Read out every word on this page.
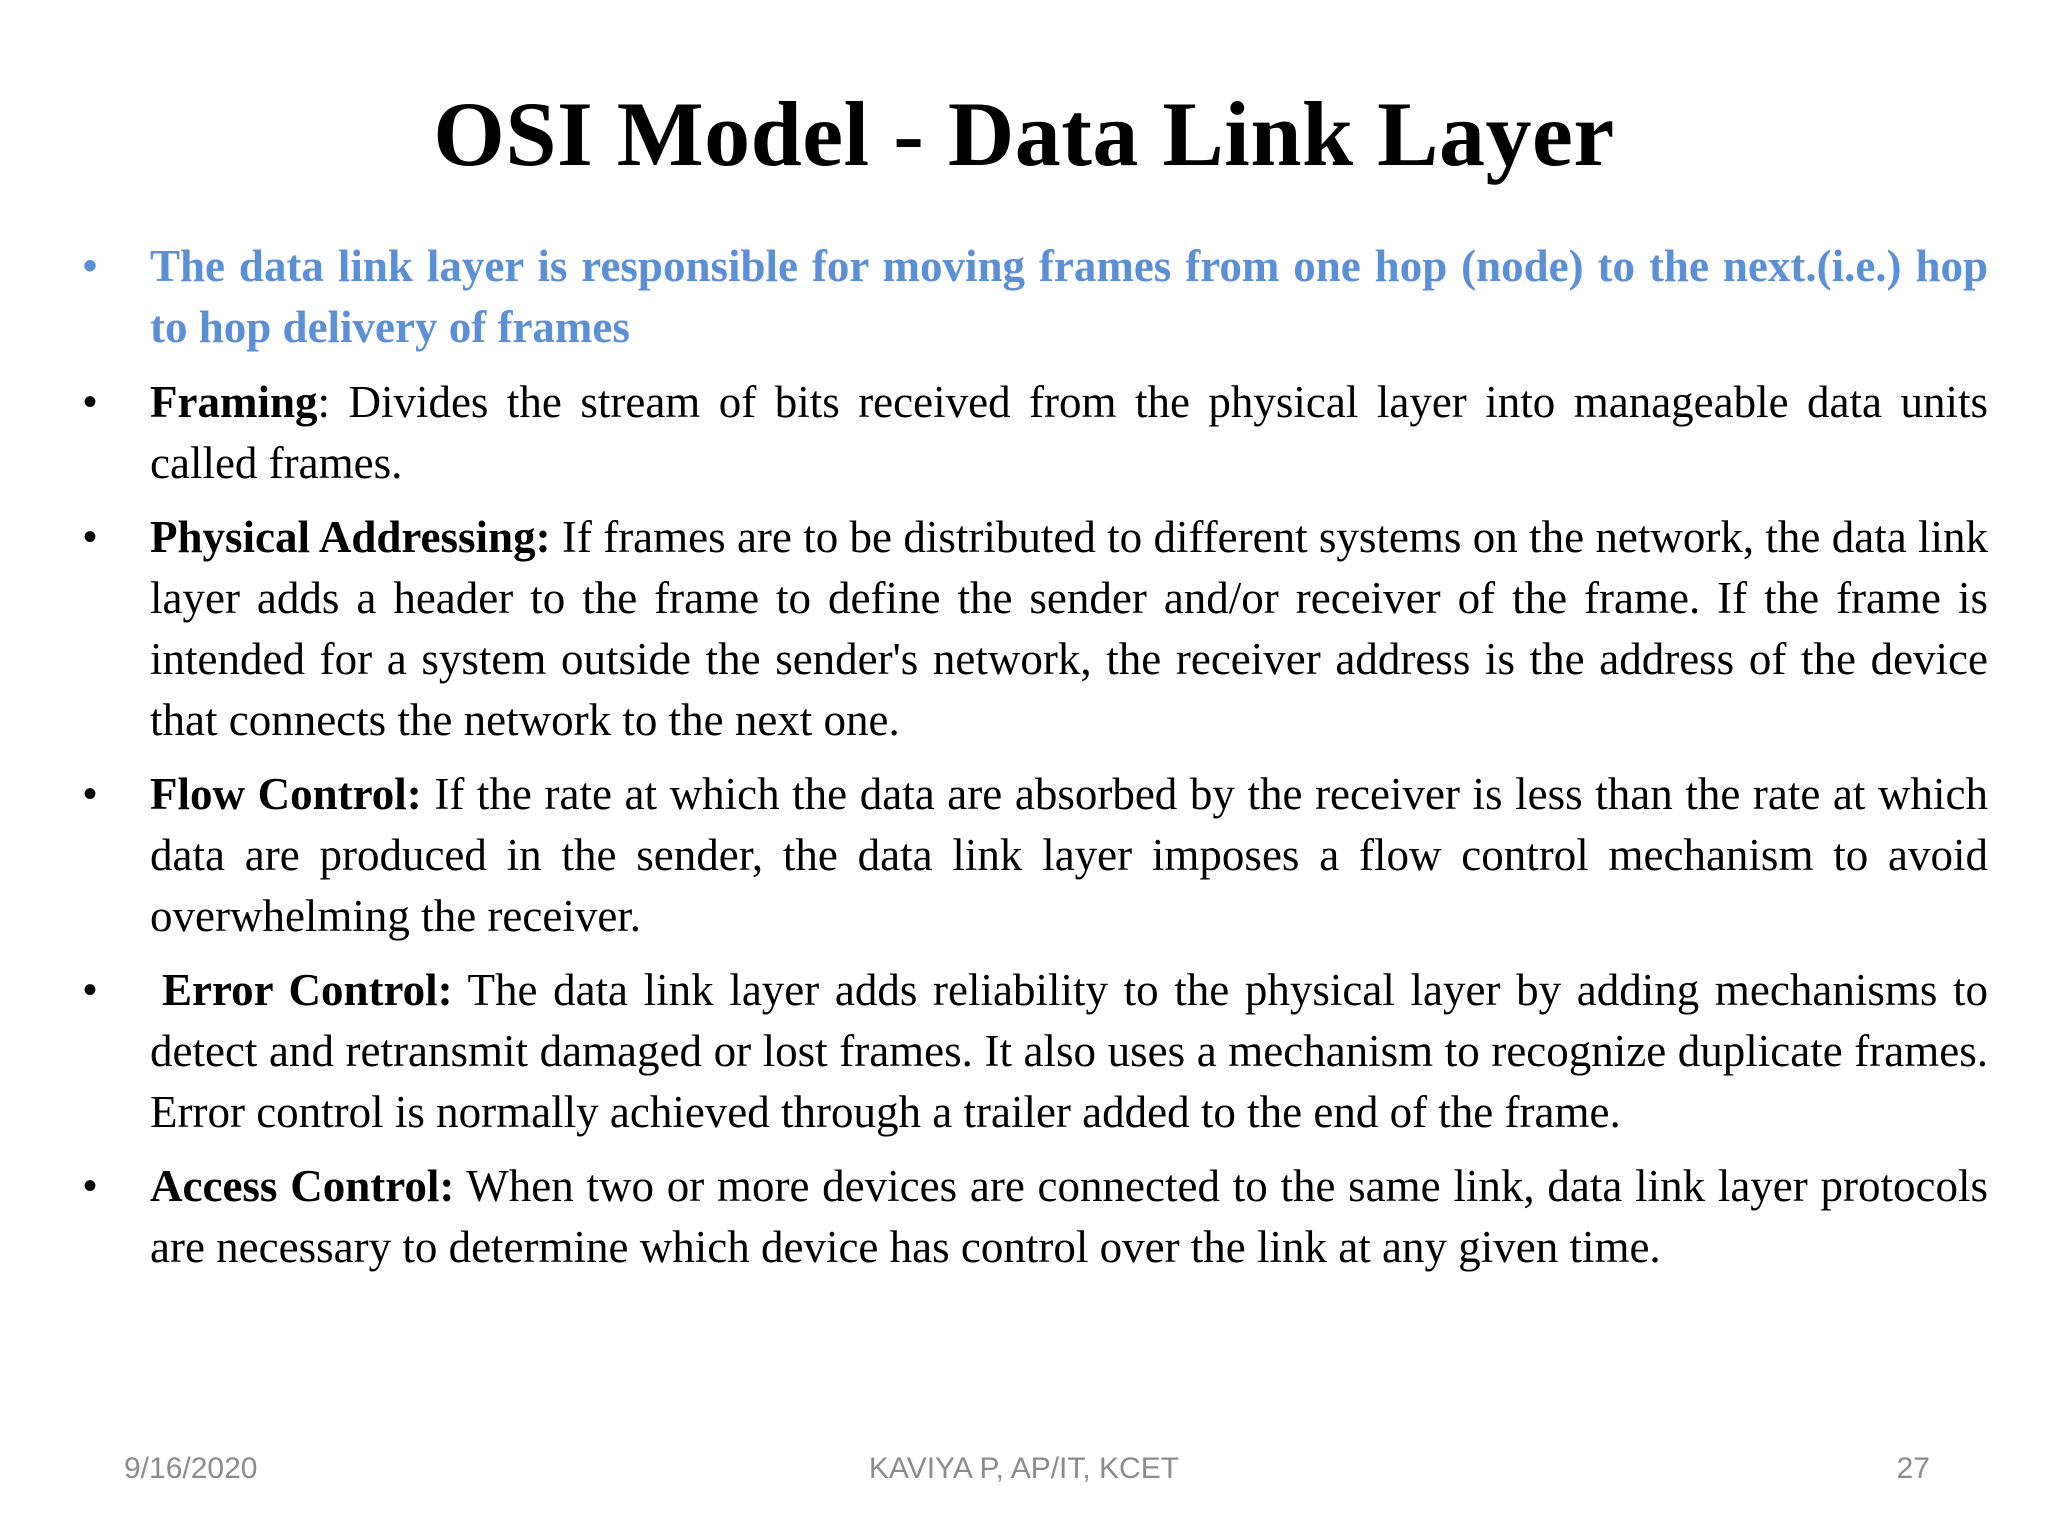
OSI Model - Data Link Layer
• The data link layer is responsible for moving frames from one hop (node) to the next.(i.e.) hop to hop delivery of frames
• Framing: Divides the stream of bits received from the physical layer into manageable data units called frames.
• Physical Addressing: If frames are to be distributed to different systems on the network, the data link layer adds a header to the frame to define the sender and/or receiver of the frame. If the frame is intended for a system outside the sender's network, the receiver address is the address of the device that connects the network to the next one.
• Flow Control: If the rate at which the data are absorbed by the receiver is less than the rate at which data are produced in the sender, the data link layer imposes a flow control mechanism to avoid overwhelming the receiver.
• Error Control: The data link layer adds reliability to the physical layer by adding mechanisms to detect and retransmit damaged or lost frames. It also uses a mechanism to recognize duplicate frames. Error control is normally achieved through a trailer added to the end of the frame.
• Access Control: When two or more devices are connected to the same link, data link layer protocols are necessary to determine which device has control over the link at any given time.
9/16/2020	KAVIYA P, AP/IT, KCET	27
